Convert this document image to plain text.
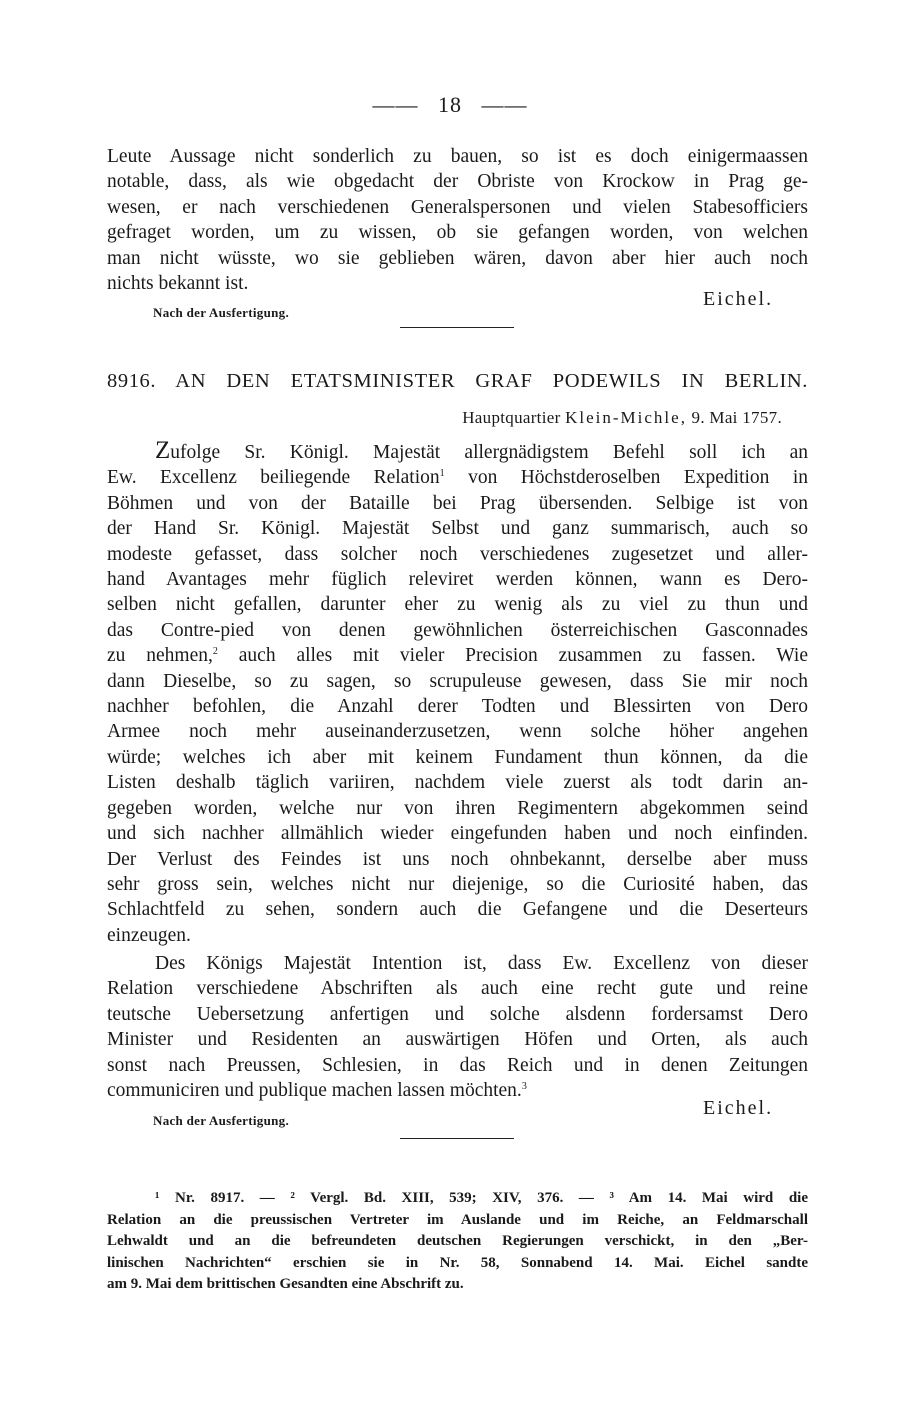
—— 18 ——
Leute Aussage nicht sonderlich zu bauen, so ist es doch einigermaassen
notable, dass, als wie obgedacht der Obriste von Krockow in Prag ge-
wesen, er nach verschiedenen Generalspersonen und vielen Stabesofficiers
gefraget worden, um zu wissen, ob sie gefangen worden, von welchen
man nicht wüsste, wo sie geblieben wären, davon aber hier auch noch
nichts bekannt ist.
Eichel.
Nach der Ausfertigung.
8916. AN DEN ETATSMINISTER GRAF PODEWILS IN BERLIN.
Hauptquartier Klein-Michle, 9. Mai 1757.
Zufolge Sr. Königl. Majestät allergnädigstem Befehl soll ich an
Ew. Excellenz beiliegende Relation$^1$ von Höchstderoselben Expedition in
Böhmen und von der Bataille bei Prag übersenden. Selbige ist von
der Hand Sr. Königl. Majestät Selbst und ganz summarisch, auch so
modeste gefasset, dass solcher noch verschiedenes zugesetzet und aller-
hand Avantages mehr füglich releviret werden können, wann es Dero-
selben nicht gefallen, darunter eher zu wenig als zu viel zu thun und
das Contre-pied von denen gewöhnlichen österreichischen Gasconnades
zu nehmen,$^2$ auch alles mit vieler Precision zusammen zu fassen. Wie
dann Dieselbe, so zu sagen, so scrupuleuse gewesen, dass Sie mir noch
nachher befohlen, die Anzahl derer Todten und Blessirten von Dero
Armee noch mehr auseinanderzusetzen, wenn solche höher angehen
würde; welches ich aber mit keinem Fundament thun können, da die
Listen deshalb täglich variiren, nachdem viele zuerst als todt darin an-
gegeben worden, welche nur von ihren Regimentern abgekommen seind
und sich nachher allmählich wieder eingefunden haben und noch einfinden.
Der Verlust des Feindes ist uns noch ohnbekannt, derselbe aber muss
sehr gross sein, welches nicht nur diejenige, so die Curiosité haben, das
Schlachtfeld zu sehen, sondern auch die Gefangene und die Deserteurs
einzeugen.
Des Königs Majestät Intention ist, dass Ew. Excellenz von dieser
Relation verschiedene Abschriften als auch eine recht gute und reine
teutsche Uebersetzung anfertigen und solche alsdenn fordersamst Dero
Minister und Residenten an auswärtigen Höfen und Orten, als auch
sonst nach Preussen, Schlesien, in das Reich und in denen Zeitungen
communiciren und publique machen lassen möchten.$^3$
Eichel.
Nach der Ausfertigung.
¹ Nr. 8917. — ² Vergl. Bd. XIII, 539; XIV, 376. — ³ Am 14. Mai wird die
Relation an die preussischen Vertreter im Auslande und im Reiche, an Feldmarschall
Lehwaldt und an die befreundeten deutschen Regierungen verschickt, in den „Ber-
linischen Nachrichten“ erschien sie in Nr. 58, Sonnabend 14. Mai. Eichel sandte
am 9. Mai dem brittischen Gesandten eine Abschrift zu.
